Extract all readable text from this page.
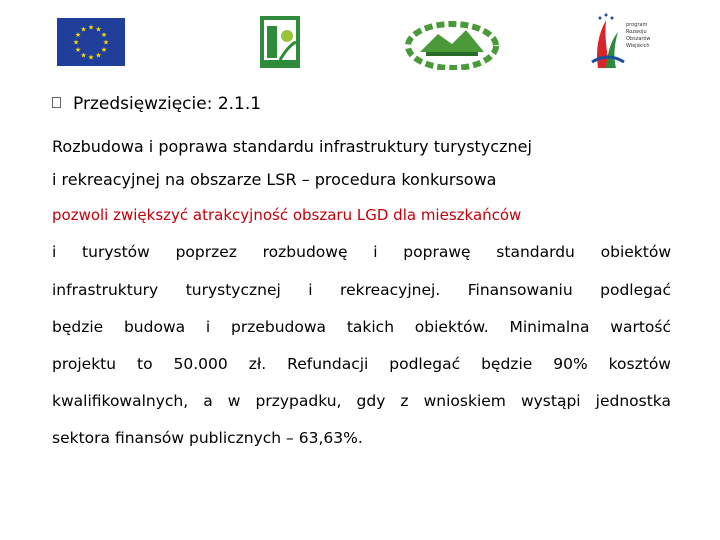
★ ★
★
★
★
★
★
★
★
★
★
★
program
Rozwoju
Obszarów
Wiejskich
Przedsięwzięcie: 2.1.1
Rozbudowa i poprawa standardu infrastruktury turystycznej
i rekreacyjnej na obszarze LSR – procedura konkursowa
pozwoli zwiększyć atrakcyjność obszaru LGD dla mieszkańców
i turystów poprzez rozbudowę i poprawę standardu obiektów
infrastruktury turystycznej i rekreacyjnej. Finansowaniu podlegać
będzie budowa i przebudowa takich obiektów. Minimalna wartość
projektu to 50.000 zł. Refundacji podlegać będzie 90% kosztów
kwalifikowalnych, a w przypadku, gdy z wnioskiem wystąpi jednostka
sektora finansów publicznych – 63,63%.
